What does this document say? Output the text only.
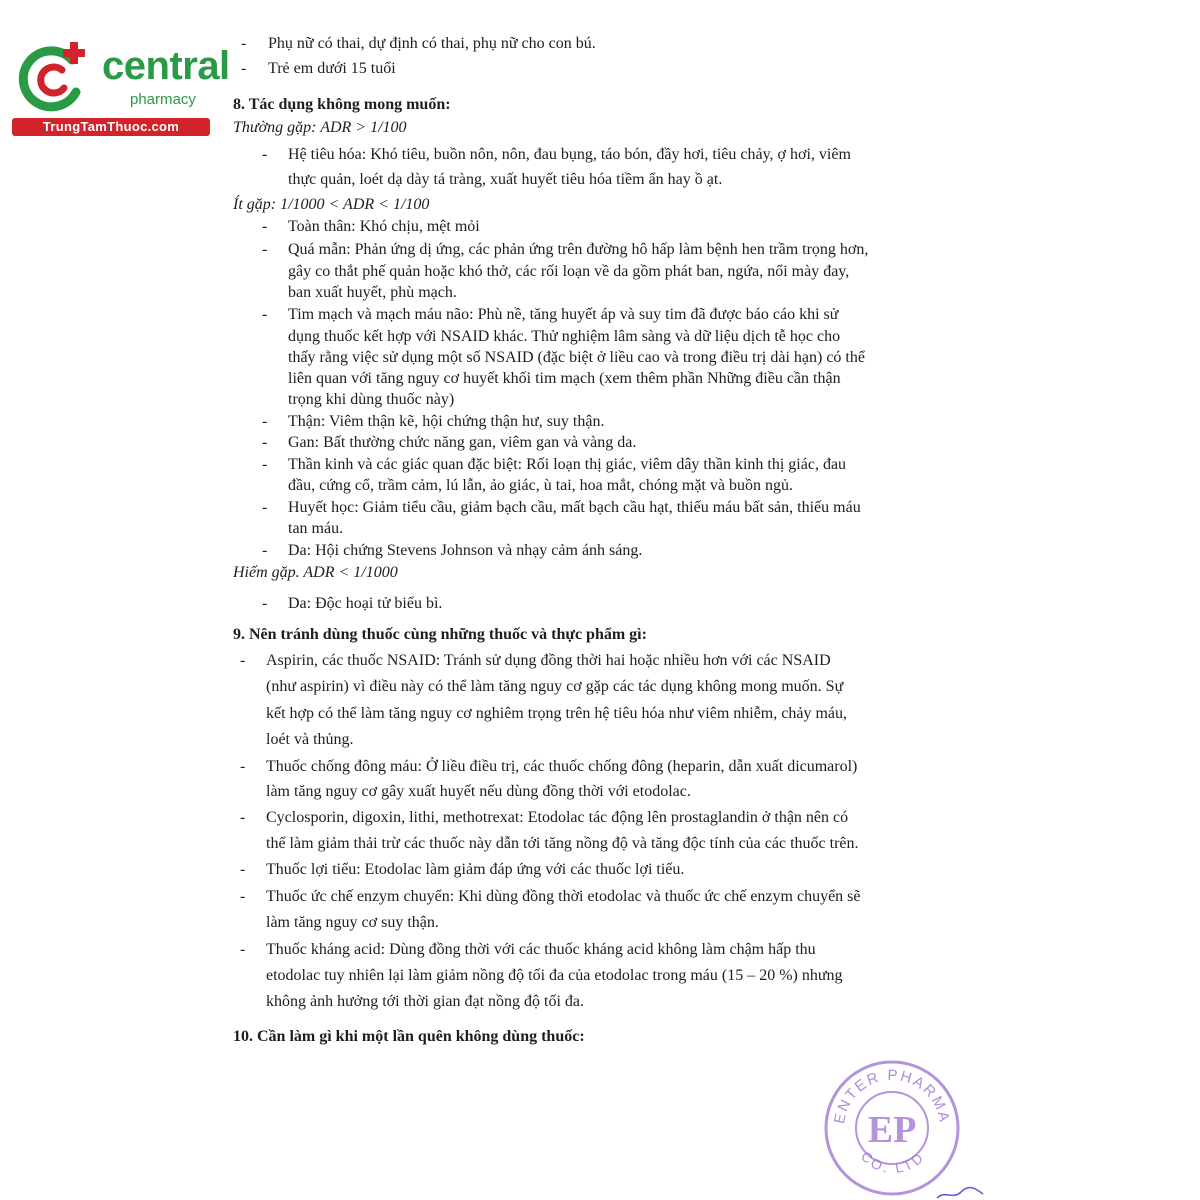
central
pharmacy
TrungTamThuoc.com
- Phụ nữ có thai, dự định có thai, phụ nữ cho con bú.
- Trẻ em dưới 15 tuổi
8. Tác dụng không mong muốn:
Thường gặp: ADR > 1/100
- Hệ tiêu hóa: Khó tiêu, buồn nôn, nôn, đau bụng, táo bón, đầy hơi, tiêu chảy, ợ hơi, viêm
thực quản, loét dạ dày tá tràng, xuất huyết tiêu hóa tiềm ẩn hay ồ ạt.
Ít gặp: 1/1000 < ADR < 1/100
- Toàn thân: Khó chịu, mệt mỏi
- Quá mẫn: Phản ứng dị ứng, các phản ứng trên đường hô hấp làm bệnh hen trầm trọng hơn,
gây co thắt phế quản hoặc khó thở, các rối loạn về da gồm phát ban, ngứa, nổi mày đay,
ban xuất huyết, phù mạch.
- Tim mạch và mạch máu não: Phù nề, tăng huyết áp và suy tim đã được báo cáo khi sử
dụng thuốc kết hợp với NSAID khác. Thử nghiệm lâm sàng và dữ liệu dịch tễ học cho
thấy rằng việc sử dụng một số NSAID (đặc biệt ở liều cao và trong điều trị dài hạn) có thể
liên quan với tăng nguy cơ huyết khối tim mạch (xem thêm phần Những điều cần thận
trọng khi dùng thuốc này)
- Thận: Viêm thận kẽ, hội chứng thận hư, suy thận.
- Gan: Bất thường chức năng gan, viêm gan và vàng da.
- Thần kinh và các giác quan đặc biệt: Rối loạn thị giác, viêm dây thần kinh thị giác, đau
đầu, cứng cổ, trầm cảm, lú lẫn, ảo giác, ù tai, hoa mắt, chóng mặt và buồn ngủ.
- Huyết học: Giảm tiểu cầu, giảm bạch cầu, mất bạch cầu hạt, thiếu máu bất sản, thiếu máu
tan máu.
- Da: Hội chứng Stevens Johnson và nhạy cảm ánh sáng.
Hiếm gặp. ADR < 1/1000
- Da: Độc hoại tử biểu bì.
9. Nên tránh dùng thuốc cùng những thuốc và thực phẩm gì:
- Aspirin, các thuốc NSAID: Tránh sử dụng đồng thời hai hoặc nhiều hơn với các NSAID
(như aspirin) vì điều này có thể làm tăng nguy cơ gặp các tác dụng không mong muốn. Sự
kết hợp có thể làm tăng nguy cơ nghiêm trọng trên hệ tiêu hóa như viêm nhiễm, chảy máu,
loét và thủng.
- Thuốc chống đông máu: Ở liều điều trị, các thuốc chống đông (heparin, dẫn xuất dicumarol)
làm tăng nguy cơ gây xuất huyết nếu dùng đồng thời với etodolac.
- Cyclosporin, digoxin, lithi, methotrexat: Etodolac tác động lên prostaglandin ở thận nên có
thể làm giảm thải trừ các thuốc này dẫn tới tăng nồng độ và tăng độc tính của các thuốc trên.
- Thuốc lợi tiểu: Etodolac làm giảm đáp ứng với các thuốc lợi tiểu.
- Thuốc ức chế enzym chuyển: Khi dùng đồng thời etodolac và thuốc ức chế enzym chuyển sẽ
làm tăng nguy cơ suy thận.
- Thuốc kháng acid: Dùng đồng thời với các thuốc kháng acid không làm chậm hấp thu
etodolac tuy nhiên lại làm giảm nồng độ tối đa của etodolac trong máu (15 – 20 %) nhưng
không ảnh hưởng tới thời gian đạt nồng độ tối đa.
10. Cần làm gì khi một lần quên không dùng thuốc:
ENTER PHARMA
CO. LTD
EP
